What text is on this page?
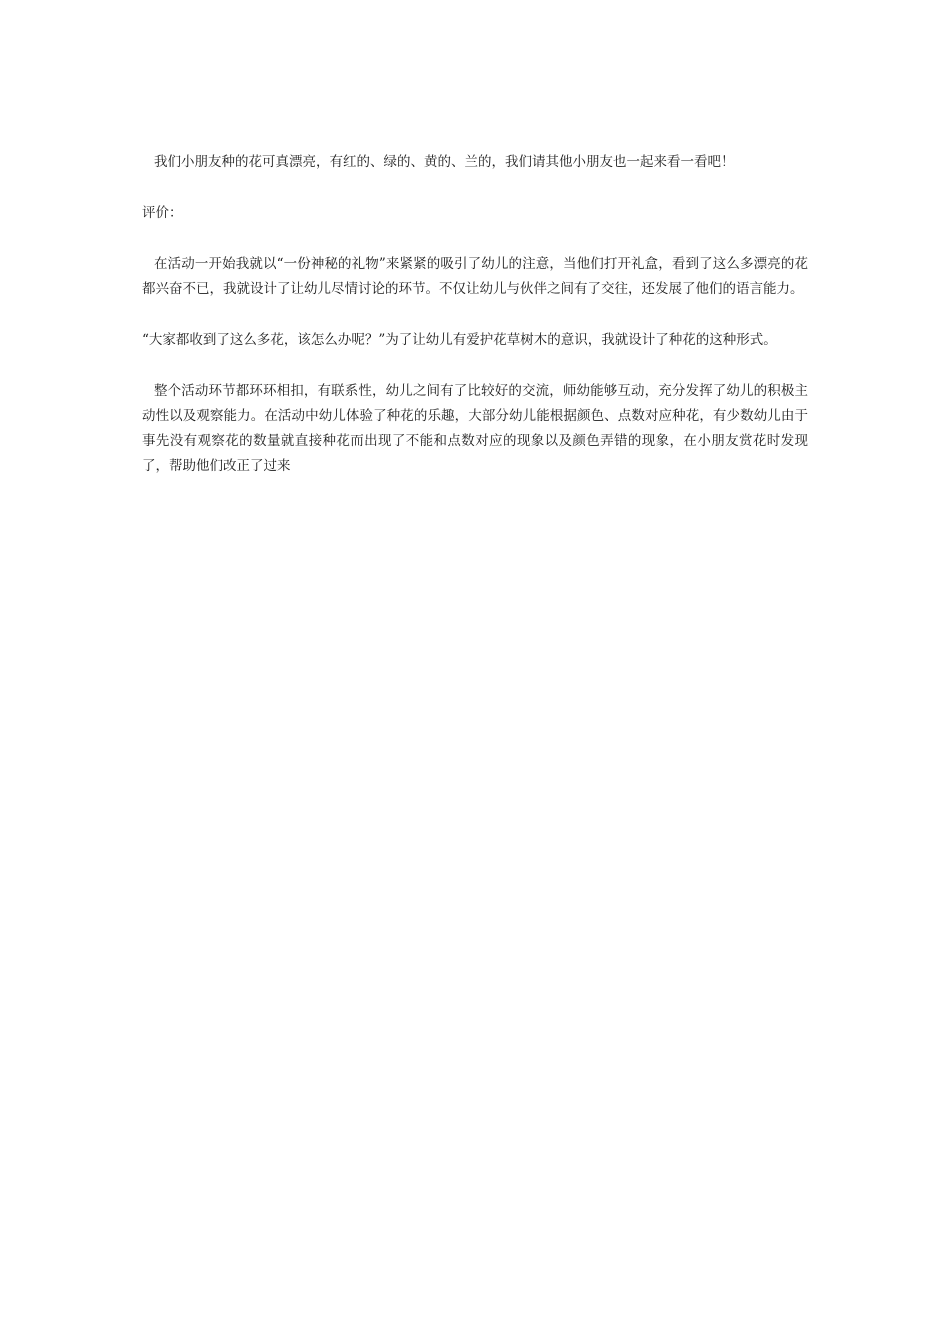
我们小朋友种的花可真漂亮，有红的、绿的、黄的、兰的，我们请其他小朋友也一起来看一看吧！

评价：

在活动一开始我就以“一份神秘的礼物”来紧紧的吸引了幼儿的注意，当他们打开礼盒，看到了这么多漂亮的花都兴奋不已，我就设计了让幼儿尽情讨论的环节。不仅让幼儿与伙伴之间有了交往，还发展了他们的语言能力。

“大家都收到了这么多花，该怎么办呢？”为了让幼儿有爱护花草树木的意识，我就设计了种花的这种形式。

整个活动环节都环环相扣，有联系性，幼儿之间有了比较好的交流，师幼能够互动，充分发挥了幼儿的积极主动性以及观察能力。在活动中幼儿体验了种花的乐趣，大部分幼儿能根据颜色、点数对应种花，有少数幼儿由于事先没有观察花的数量就直接种花而出现了不能和点数对应的现象以及颜色弄错的现象，在小朋友赏花时发现了，帮助他们改正了过来
